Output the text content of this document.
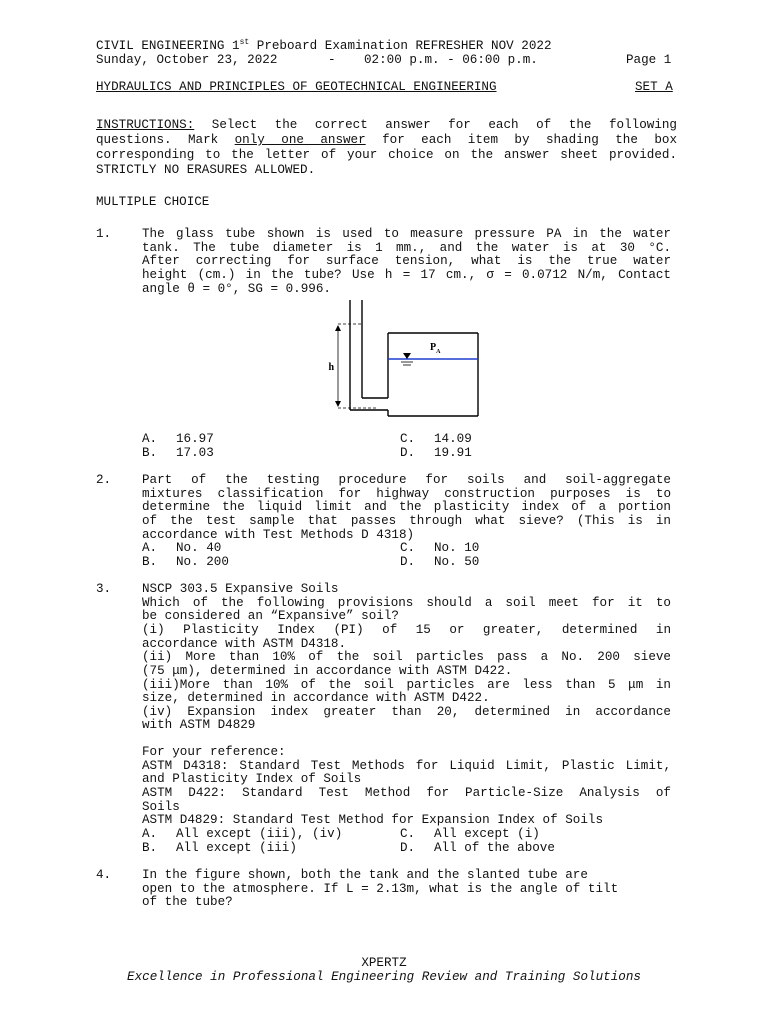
CIVIL ENGINEERING 1st Preboard Examination REFRESHER NOV 2022
Sunday, October 23, 2022	- 02:00 p.m. - 06:00 p.m.	Page 1
HYDRAULICS AND PRINCIPLES OF GEOTECHNICAL ENGINEERING	SET A
INSTRUCTIONS: Select the correct answer for each of the following
questions. Mark only one answer for each item by shading the box
corresponding to the letter of your choice on the answer sheet provided.
STRICTLY NO ERASURES ALLOWED.
MULTIPLE CHOICE
1. The glass tube shown is used to measure pressure PA in the water
tank. The tube diameter is 1 mm., and the water is at 30 °C.
After correcting for surface tension, what is the true water
height (cm.) in the tube? Use h = 17 cm., σ = 0.0712 N/m, Contact
angle θ = 0°, SG = 0.996.
h
$P_A$
A. 16.97
B. 17.03
C. 14.09
D. 19.91
2. Part of the testing procedure for soils and soil-aggregate
mixtures classification for highway construction purposes is to
determine the liquid limit and the plasticity index of a portion
of the test sample that passes through what sieve? (This is in
accordance with Test Methods D 4318)
A. No. 40
B. No. 200
C. No. 10
D. No. 50
3. NSCP 303.5 Expansive Soils
Which of the following provisions should a soil meet for it to
be considered an “Expansive” soil?
(i) Plasticity Index (PI) of 15 or greater, determined in
accordance with ASTM D4318.
(ii) More than 10% of the soil particles pass a No. 200 sieve
(75 μm), determined in accordance with ASTM D422.
(iii)More than 10% of the soil particles are less than 5 μm in
size, determined in accordance with ASTM D422.
(iv) Expansion index greater than 20, determined in accordance
with ASTM D4829
For your reference:
ASTM D4318: Standard Test Methods for Liquid Limit, Plastic Limit,
and Plasticity Index of Soils
ASTM D422: Standard Test Method for Particle-Size Analysis of
Soils
ASTM D4829: Standard Test Method for Expansion Index of Soils
A. All except (iii), (iv)
B. All except (iii)
C. All except (i)
D. All of the above
4. In the figure shown, both the tank and the slanted tube are
open to the atmosphere. If L = 2.13m, what is the angle of tilt
of the tube?
XPERTZ
Excellence in Professional Engineering Review and Training Solutions
